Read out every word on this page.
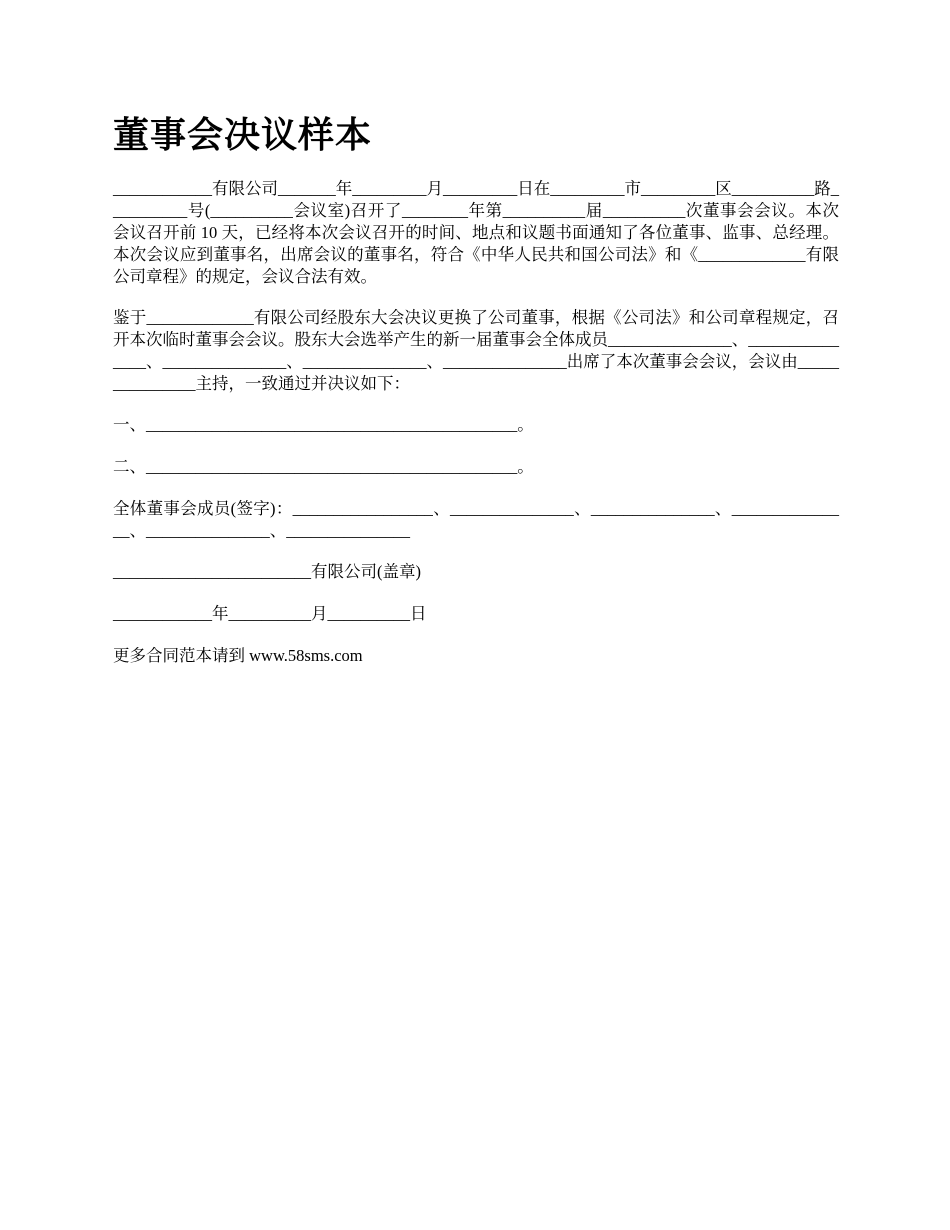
董事会决议样本

____________有限公司_______年_________月_________日在_________市_________区__________路__________号(__________会议室)召开了________年第__________届__________次董事会会议。本次会议召开前 10 天，已经将本次会议召开的时间、地点和议题书面通知了各位董事、监事、总经理。本次会议应到董事名，出席会议的董事名，符合《中华人民共和国公司法》和《_____________有限公司章程》的规定，会议合法有效。

鉴于_____________有限公司经股东大会决议更换了公司董事，根据《公司法》和公司章程规定，召开本次临时董事会会议。股东大会选举产生的新一届董事会全体成员_______________、_______________、_______________、_______________、_______________出席了本次董事会会议，会议由_______________主持，一致通过并决议如下：

一、_____________________________________________。

二、_____________________________________________。

全体董事会成员(签字)：_________________、_______________、_______________、_______________、_______________、_______________

________________________有限公司(盖章)

____________年__________月__________日

更多合同范本请到 www.58sms.com
